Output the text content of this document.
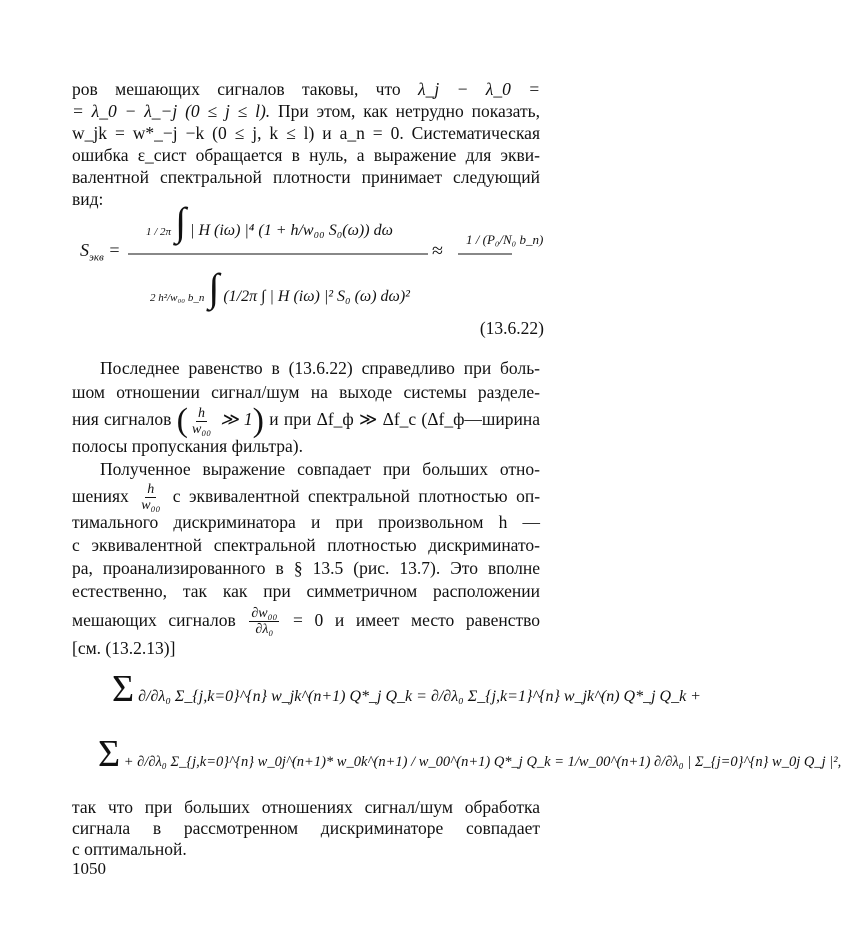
ров мешающих сигналов таковы, что λ_j − λ_0 =
= λ_0 − λ_−j (0 ≤ j ≤ l). При этом, как нетрудно показать,
w_jk = w*_−j −k (0 ≤ j, k ≤ l) и a_n = 0. Систематическая
ошибка ε_сист обращается в нуль, а выражение для экви-
валентной спектральной плотности принимает следующий
вид:
$S_{экв}$ =
1 / 2π ∫ | H (iω) |⁴ (1 + h/w₀₀ S₀(ω)) dω
2 h²/w₀₀ b_n ∫ (1/2π ∫ | H (iω) |² S₀ (ω) dω)²
≈
1 / (P₀/N₀ b_n)
(13.6.22)
Последнее равенство в (13.6.22) справедливо при боль-
шом отношении сигнал/шум на выходе системы разделе-
ния сигналов ( $\frac{h}{\text{w₀₀}}$ ≫ 1) и при Δf_ф ≫ Δf_с (Δf_ф—ширина
полосы пропускания фильтра).
Полученное выражение совпадает при больших отно-
шениях $\frac{h}{\text{w₀₀}}$ с эквивалентной спектральной плотностью оп-
тимального дискриминатора и при произвольном h —
с эквивалентной спектральной плотностью дискриминато-
ра, проанализированного в § 13.5 (рис. 13.7). Это вполне
естественно, так как при симметричном расположении
мешающих сигналов $\frac{\text{∂w₀₀}}{\text{∂λ₀}} = 0$ и имеет место равенство
[см. (13.2.13)]
Σ ∂/∂λ₀ Σ_{j,k=0}^{n} w_jk^(n+1) Q*_j Q_k = ∂/∂λ₀ Σ_{j,k=1}^{n} w_jk^(n) Q*_j Q_k +
Σ + ∂/∂λ₀ Σ_{j,k=0}^{n} w_0j^(n+1)* w_0k^(n+1) / w_00^(n+1) Q*_j Q_k = 1/w_00^(n+1) ∂/∂λ₀ | Σ_{j=0}^{n} w_0j Q_j |²,
так что при больших отношениях сигнал/шум обработка
сигнала в рассмотренном дискриминаторе совпадает
с оптимальной.
1050
